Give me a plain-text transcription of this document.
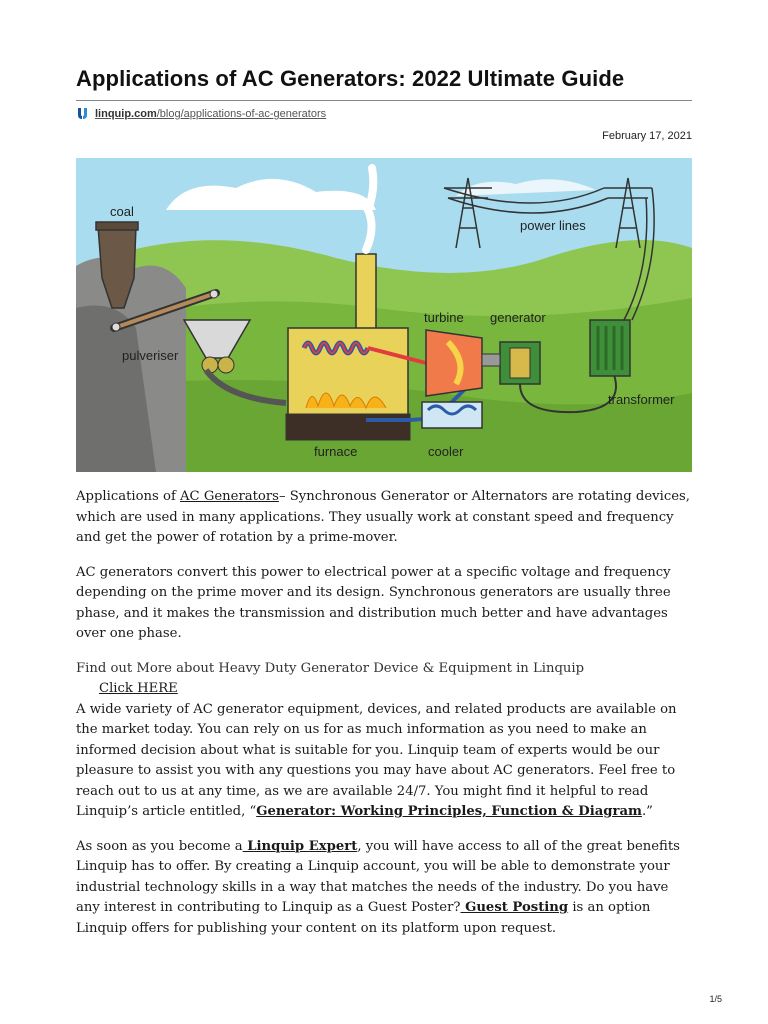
Applications of AC Generators: 2022 Ultimate Guide
linquip.com/blog/applications-of-ac-generators
February 17, 2021
coal
power lines
pulveriser
turbine generator
transformer
furnace	cooler

Applications of AC Generators– Synchronous Generator or Alternators are rotating devices, which are used in many applications. They usually work at constant speed and frequency and get the power of rotation by a prime-mover.

AC generators convert this power to electrical power at a specific voltage and frequency depending on the prime mover and its design. Synchronous generators are usually three phase, and it makes the transmission and distribution much better and have advantages over one phase.

Find out More about Heavy Duty Generator Device & Equipment in Linquip

Click HERE

A wide variety of AC generator equipment, devices, and related products are available on the market today. You can rely on us for as much information as you need to make an informed decision about what is suitable for you. Linquip team of experts would be our pleasure to assist you with any questions you may have about AC generators. Feel free to reach out to us at any time, as we are available 24/7. You might find it helpful to read Linquip’s article entitled, “Generator: Working Principles, Function & Diagram.”

As soon as you become a Linquip Expert, you will have access to all of the great benefits Linquip has to offer. By creating a Linquip account, you will be able to demonstrate your industrial technology skills in a way that matches the needs of the industry. Do you have any interest in contributing to Linquip as a Guest Poster? Guest Posting is an option Linquip offers for publishing your content on its platform upon request.

1/5
